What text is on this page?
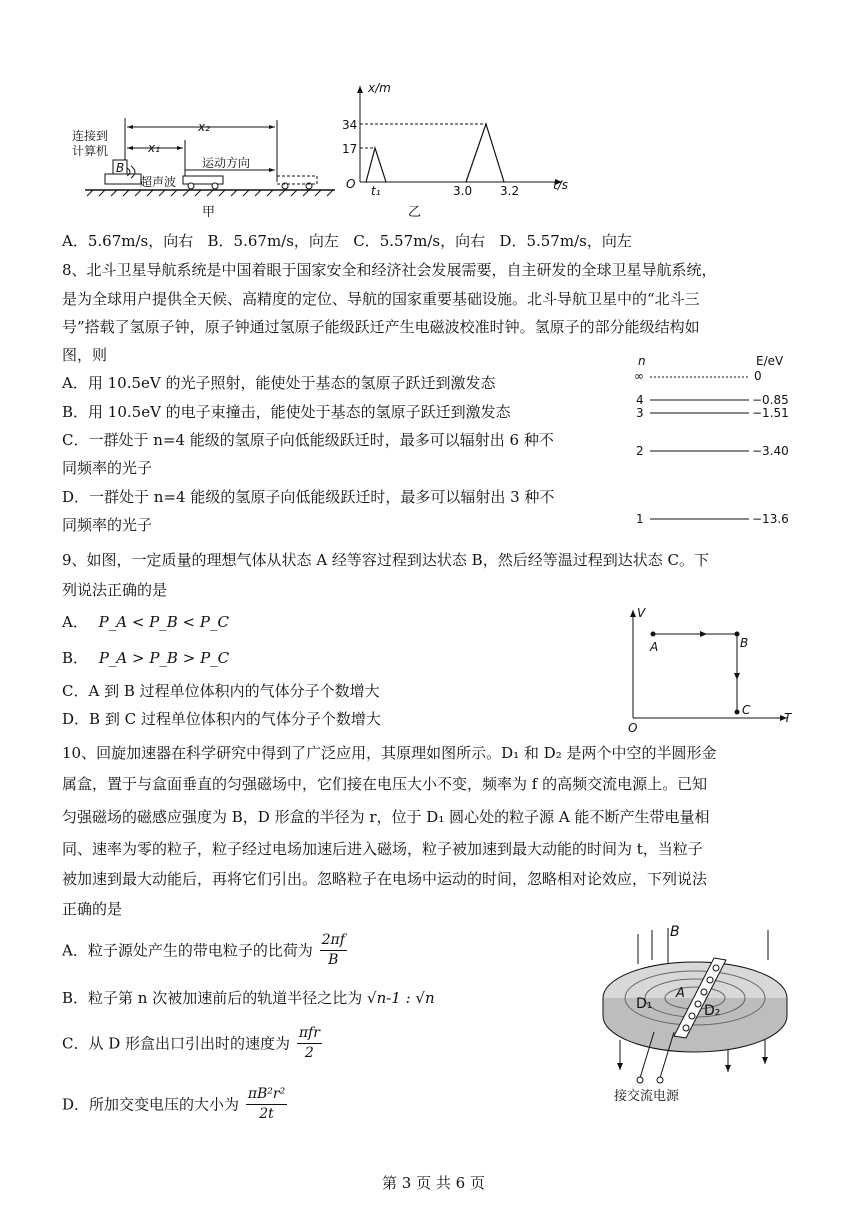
连接到
计算机
B
x₂
x₁
运动方向
超声波
甲
x/m
34
17
O t₁	3.0 3.2	t/s
乙
A．5.67m/s，向右 B．5.67m/s，向左 C．5.57m/s，向右 D．5.57m/s，向左
8、北斗卫星导航系统是中国着眼于国家安全和经济社会发展需要，自主研发的全球卫星导航系统，
是为全球用户提供全天候、高精度的定位、导航的国家重要基础设施。北斗导航卫星中的“北斗三
号”搭载了氢原子钟，原子钟通过氢原子能级跃迁产生电磁波校准时钟。氢原子的部分能级结构如
图，则
A．用 10.5eV 的光子照射，能使处于基态的氢原子跃迁到激发态
B．用 10.5eV 的电子束撞击，能使处于基态的氢原子跃迁到激发态
C．一群处于 n=4 能级的氢原子向低能级跃迁时，最多可以辐射出 6 种不
同频率的光子
D．一群处于 n=4 能级的氢原子向低能级跃迁时，最多可以辐射出 3 种不
同频率的光子
n	E/eV
∞	0
4	−0.85
3	−1.51
2	−3.40
1	−13.6
9、如图，一定质量的理想气体从状态 A 经等容过程到达状态 B，然后经等温过程到达状态 C。下
列说法正确的是
A． P_A < P_B < P_C
B． P_A > P_B > P_C
C．A 到 B 过程单位体积内的气体分子个数增大
D．B 到 C 过程单位体积内的气体分子个数增大
V
A	B
C
O
T
10、回旋加速器在科学研究中得到了广泛应用，其原理如图所示。D₁ 和 D₂ 是两个中空的半圆形金
属盒，置于与盒面垂直的匀强磁场中，它们接在电压大小不变，频率为 f 的高频交流电源上。已知
匀强磁场的磁感应强度为 B，D 形盒的半径为 r，位于 D₁ 圆心处的粒子源 A 能不断产生带电量相
同、速率为零的粒子，粒子经过电场加速后进入磁场，粒子被加速到最大动能的时间为 t，当粒子
被加速到最大动能后，再将它们引出。忽略粒子在电场中运动的时间，忽略相对论效应，下列说法
正确的是
A．粒子源处产生的带电粒子的比荷为 $\frac{2\pi f}{B}$
B．粒子第 n 次被加速前后的轨道半径之比为 √n-1 : √n
C．从 D 形盒出口引出时的速度为 $\frac{\text{πfr}}{2}$
D．所加交变电压的大小为 $\frac{\text{πB²r²}}{2t}$
B
A
D₁	D₂
接交流电源
第 3 页 共 6 页
